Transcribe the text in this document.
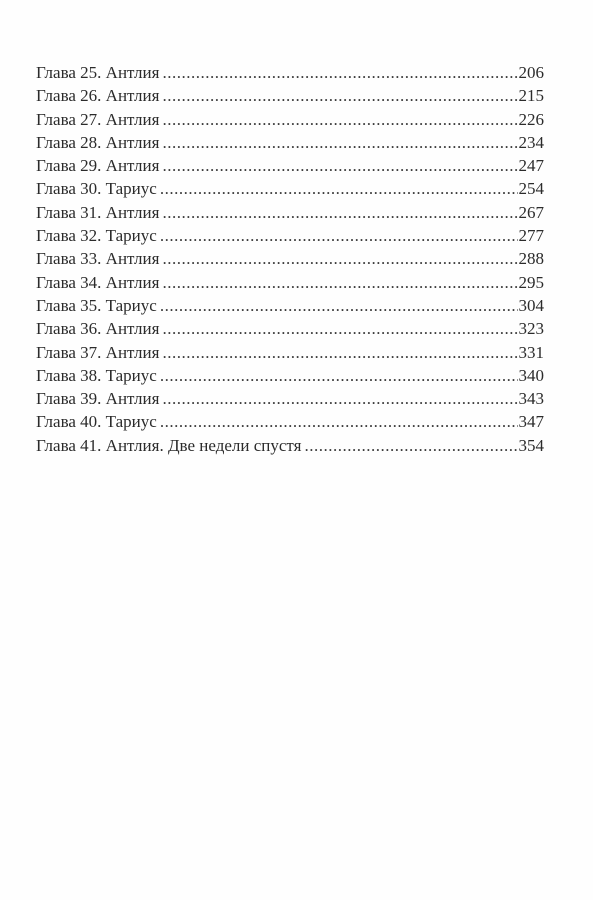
Глава 25. Антлия .....	206
Глава 26. Антлия .....	215
Глава 27. Антлия .....	226
Глава 28. Антлия .....	234
Глава 29. Антлия .....	247
Глава 30. Тариус .....	254
Глава 31. Антлия .....	267
Глава 32. Тариус .....	277
Глава 33. Антлия .....	288
Глава 34. Антлия .....	295
Глава 35. Тариус .....	304
Глава 36. Антлия .....	323
Глава 37. Антлия .....	331
Глава 38. Тариус .....	340
Глава 39. Антлия .....	343
Глава 40. Тариус .....	347
Глава 41. Антлия. Две недели спустя .....	354
